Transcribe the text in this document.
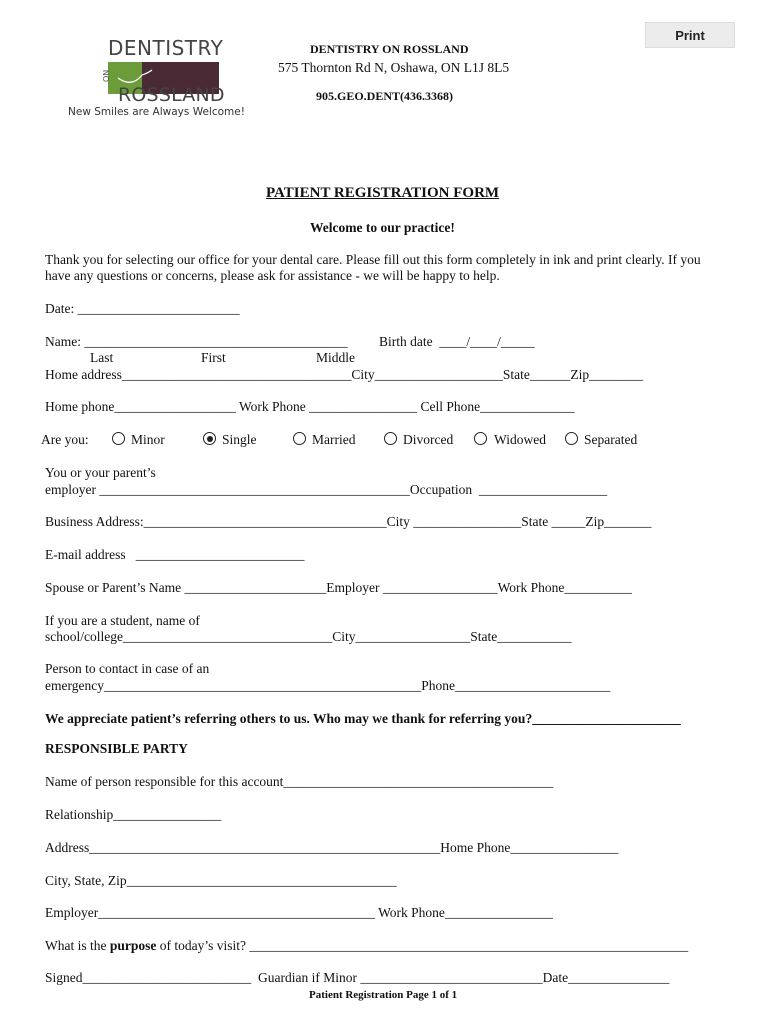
Print
DENTISTRY
ON
ROSSLAND
New Smiles are Always Welcome!
DENTISTRY ON ROSSLAND
575 Thornton Rd N, Oshawa, ON L1J 8L5
905.GEO.DENT(436.3368)
PATIENT REGISTRATION FORM
Welcome to our practice!
Thank you for selecting our office for your dental care. Please fill out this form completely in ink and print clearly. If you
have any questions or concerns, please ask for assistance - we will be happy to help.
Date: ________________________
Name: _______________________________________ Birth date  ____/____/_____
Last	First	Middle
Home address__________________________________City___________________State______Zip________
Home phone__________________ Work Phone ________________ Cell Phone______________
Are you:	Minor	Single	Married	Divorced	Widowed	Separated
You or your parent’s
employer ______________________________________________Occupation  ___________________
Business Address:____________________________________City ________________State _____Zip_______
E-mail address   _________________________
Spouse or Parent’s Name _____________________Employer _________________Work Phone__________
If you are a student, name of
school/college_______________________________City_________________State___________
Person to contact in case of an
emergency_______________________________________________Phone_______________________
We appreciate patient’s referring others to us. Who may we thank for referring you?______________________
RESPONSIBLE PARTY
Name of person responsible for this account________________________________________
Relationship________________
Address____________________________________________________Home Phone________________
City, State, Zip________________________________________
Employer_________________________________________ Work Phone________________
What is the purpose of today’s visit? _________________________________________________________________
Signed_________________________  Guardian if Minor ___________________________Date_______________
Patient Registration Page 1 of 1
